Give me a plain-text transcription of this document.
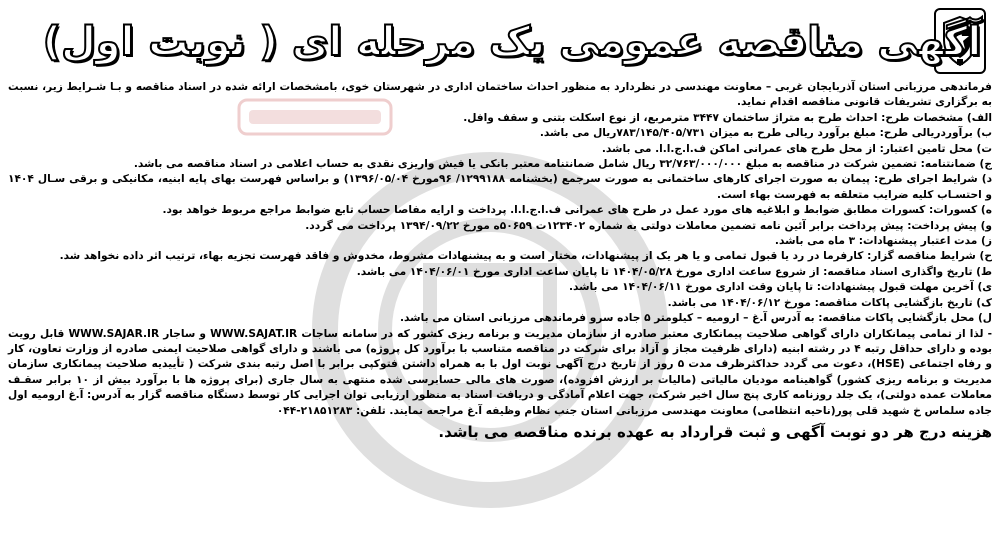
آگهی مناقصه عمومی یک مرحله ای ( نوبت اول)

فرماندهی مرزبانی استان آذربایجان غربی – معاونت مهندسی در نظردارد به منظور احداث ساختمان اداری در شهرستان خوی، بامشخصات ارائه شده در اسناد مناقصه و بـا شـرایط زیر، نسبت به برگزاری تشریفات قانونی مناقصه اقدام نماید.

الف) مشخصات طرح: احداث طرح به متراژ ساختمان ۳۴۴۷ مترمربع، از نوع اسکلت بتنی و سقف وافل.

ب) برآوردریالی طرح: مبلغ برآورد ریالی طرح به میزان ۷۸۳/۱۴۵/۴۰۵/۷۳۱ریال می باشد.

ت) محل تامین اعتبار: از محل طرح های عمرانی اماکن ف.ا.ج.ا.ا. می باشد.

ج) ضمانتنامه: تضمین شرکت در مناقصه به مبلغ ۳۲/۷۶۳/۰۰۰/۰۰۰ ریال شامل ضمانتنامه معتبر بانکی یا فیش واریزی نقدی به حساب اعلامی در اسناد مناقصه می باشد.

د) شرایط اجرای طرح: پیمان به صورت اجرای کارهای ساختمانی به صورت سرجمع (بخشنامه ۱۲۹۹۱۸۸/ ۹۶مورخ ۱۳۹۶/۰۵/۰۴) و براساس فهرست بهای پایه ابنیه، مکانیکی و برقی سـال ۱۴۰۴ و احتسـاب کلیه ضرایب متعلقه به فهرست بهاء است.

ه) کسورات: کسورات مطابق ضوابط و ابلاغیه های مورد عمل در طرح های عمرانی ف.ا.ج.ا.ا. پرداخت و ارایه مفاصا حساب تابع ضوابط مراجع مربوط خواهد بود.

و) پیش پرداخت: پیش پرداخت برابر آئین نامه تضمین معاملات دولتی به شماره ۱۲۳۴۰۲ت ۵۰۶۵۹ه مورخ ۱۳۹۴/۰۹/۲۲ پرداخت می گردد.

ز) مدت اعتبار پیشنهادات: ۳ ماه می باشد.

ح) شرایط مناقصه گزار: کارفرما در رد یا قبول تمامی و یا هر یک از پیشنهادات، مختار است و به پیشنهادات مشروط، مخدوش و فاقد فهرست تجزیه بهاء، ترتیب اثر داده نخواهد شد.

ط) تاریخ واگذاری اسناد مناقصه: از شروع ساعت اداری مورخ ۱۴۰۴/۰۵/۲۸ تا پایان ساعت اداری مورخ ۱۴۰۴/۰۶/۰۱ می باشد.

ی) آخرین مهلت قبول پیشنهادات: تا پایان وقت اداری مورخ ۱۴۰۴/۰۶/۱۱ می باشد.

ک) تاریخ بازگشایی پاکات مناقصه: مورخ ۱۴۰۴/۰۶/۱۲ می باشد.

ل) محل بازگشایی پاکات مناقصه: به آدرس آ.غ – ارومیه – کیلومتر ۵ جاده سرو فرماندهی مرزبانی استان می باشد.

- لذا از تمامی پیمانکاران دارای گواهی صلاحیت پیمانکاری معتبر صادره از سازمان مدیریت و برنامه ریزی کشور که در سامانه ساجات WWW.SAJAT.IR و ساجار WWW.SAJAR.IR قابل رویت بوده و دارای حداقل رتبه ۴ در رشته ابنیه (دارای ظرفیت مجاز و آزاد برای شرکت در مناقصه متناسب با برآورد کل پروژه) می باشند و دارای گواهی صلاحیت ایمنی صادره از وزارت تعاون، کار و رفاه اجتماعی (HSE)، دعوت می گردد حداکثرظرف مدت ۵ روز از تاریخ درج آگهی نوبت اول با به همراه داشتن فتوکپی برابر با اصل رتبه بندی شرکت ( تأییدیه صلاحیت پیمانکاری سازمان مدیریت و برنامه ریزی کشور) گواهینامه مودیان مالیاتی (مالیات بر ارزش افزوده)، صورت های مالی حسابرسی شده منتهی به سال جاری (برای پروژه ها با برآورد بیش از ۱۰ برابر سقـف معاملات عمده دولتی)، یک جلد روزنامه کاری پنج سال اخیر شرکت، جهت اعلام آمادگی و دریافت اسناد به منظور ارزیابی توان اجرایی کار توسط دستگاه مناقصه گزار به آدرس: آ.غ ارومیه اول جاده سلماس خ شهید قلی پور(ناحیه انتظامی) معاونت مهندسی مرزبانی استان جنب نظام وظیفه آ.غ مراجعه نمایند. تلفن: ۲۱۸۵۱۲۸۳-۰۴۴

هزینه درج هر دو نوبت آگهی و ثبت قرارداد به عهده برنده مناقصه می باشد.
